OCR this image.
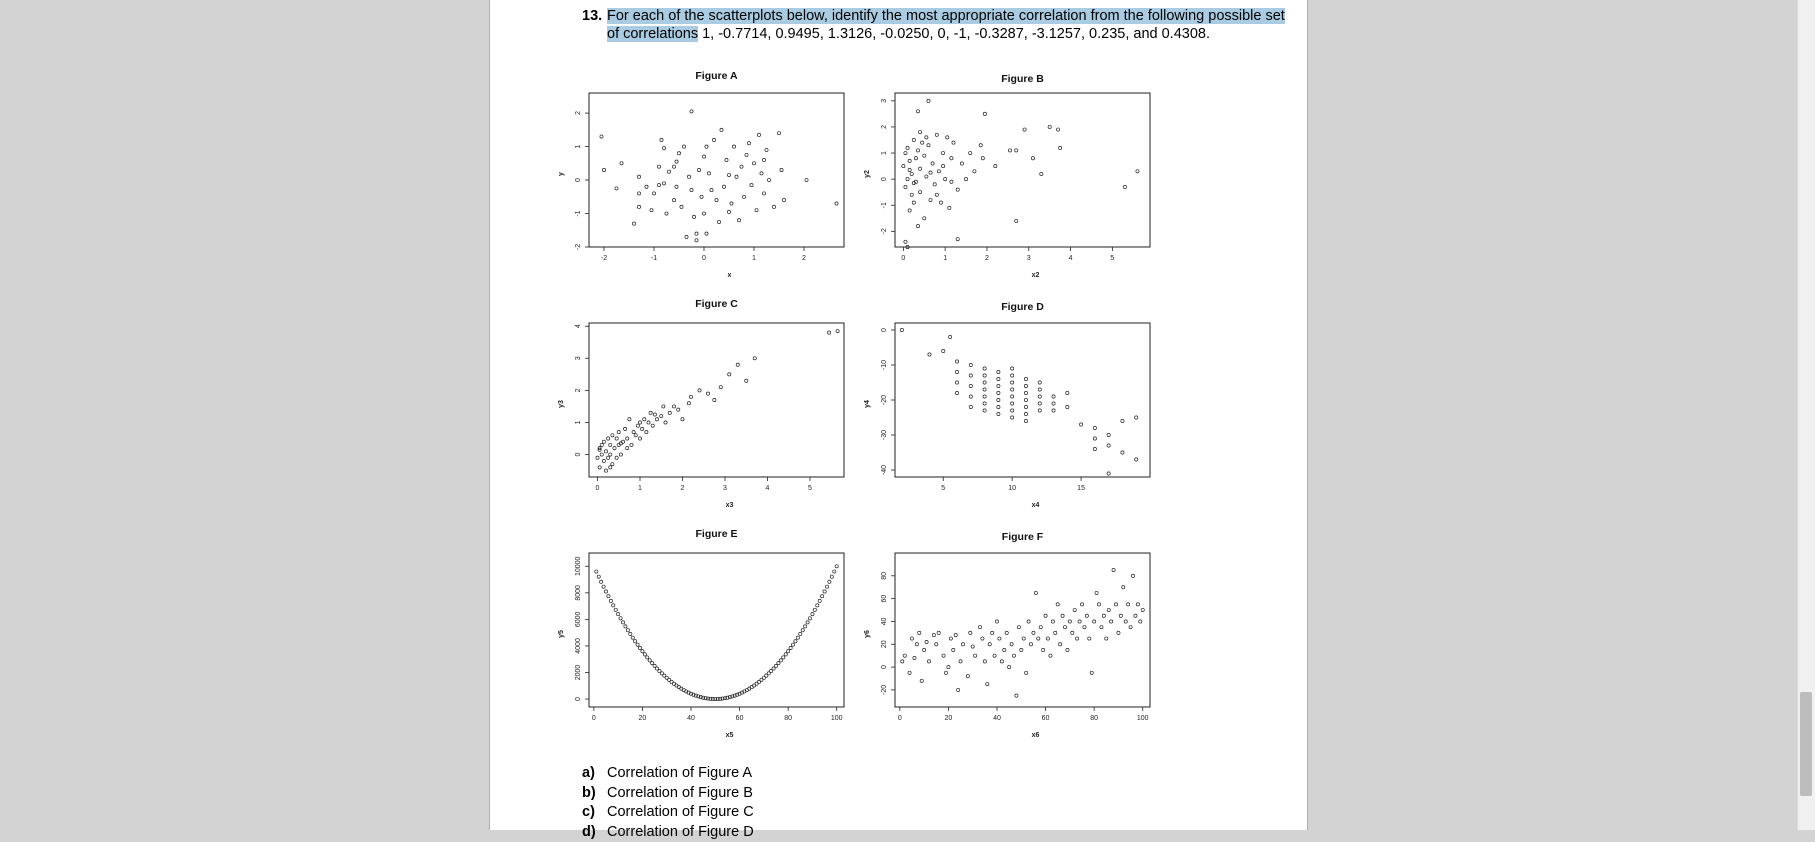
13. For each of the scatterplots below, identify the most appropriate correlation from the following possible set of correlations 1, -0.7714, 0.9495, 1.3126, -0.0250, 0, -1, -0.3287, -3.1257, 0.235, and 0.4308.
Figure A
-2	-1	0	1	2
-2
-1
0
1
2
x
y
Figure B
0	1	2	3	4	5
-2
-1
0
1
2
3
x2
y2
Figure C
0	1	2	3	4	5
0
1
2
3
4
x3
y3
Figure D
5	10	15
-40
-30
-20
-10
0
x4
y4
Figure E
0	20	40	60	80	100
0
2000
4000
6000
8000
10000
x5
y5
Figure F
0	20	40	60	80	100
-20
0
20
40
60
80
x6
y6
a) Correlation of Figure A
b) Correlation of Figure B
c) Correlation of Figure C
d) Correlation of Figure D
